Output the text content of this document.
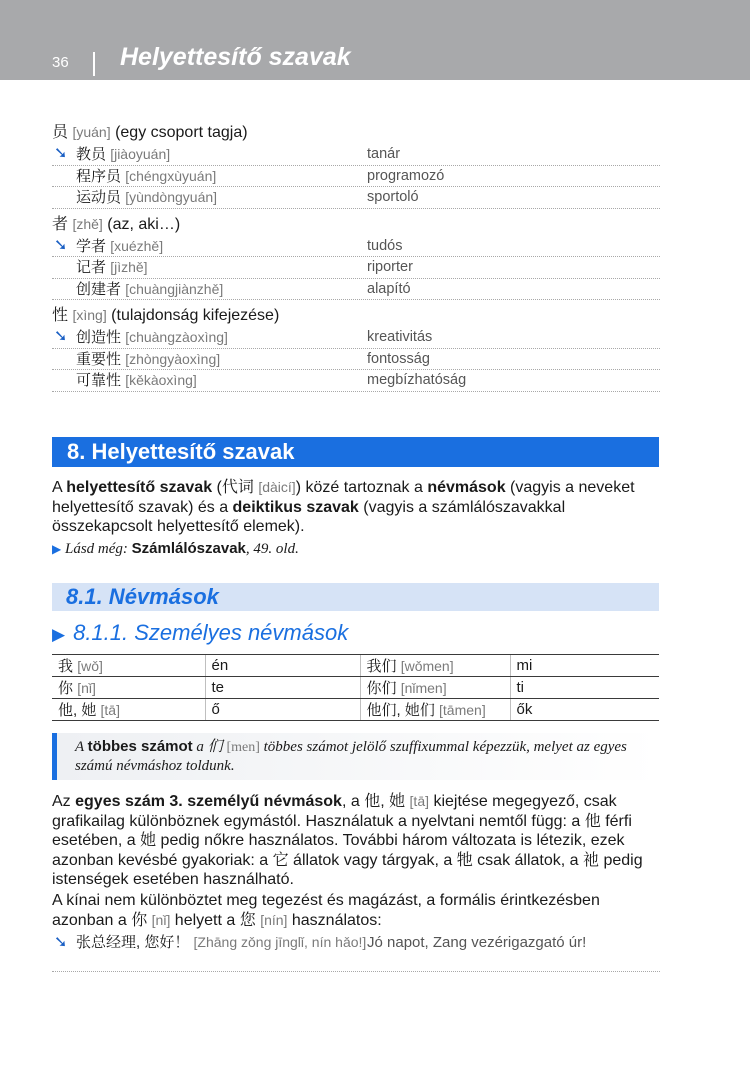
36 Helyettesítő szavak
员 [yuán] (egy csoport tagja)
➘ 教员 [jiàoyuán]	tanár
程序员 [chéngxùyuán]	programozó
运动员 [yùndòngyuán]	sportoló
者 [zhě] (az, aki…)
➘ 学者 [xuézhě]	tudós
记者 [jìzhě]	riporter
创建者 [chuàngjiànzhě]	alapító
性 [xìng] (tulajdonság kifejezése)
➘ 创造性 [chuàngzàoxìng]	kreativitás
重要性 [zhòngyàoxìng]	fontosság
可靠性 [kěkàoxìng]	megbízhatóság
8. Helyettesítő szavak
A helyettesítő szavak (代词 [dàicí]) közé tartoznak a névmások (vagyis a neveket helyettesítő szavak) és a deiktikus szavak (vagyis a számlálószavakkal összekapcsolt helyettesítő elemek).
▶ Lásd még: Számlálószavak, 49. old.
8.1. Névmások
▶ 8.1.1. Személyes névmások
我 [wǒ]	én	我们 [wǒmen]	mi
你 [nǐ]	te	你们 [nǐmen]	ti
他, 她 [tā]	ő	他们, 她们 [tāmen]	ők
A többes számot a 们 [men] többes számot jelölő szuffixummal képezzük, melyet az egyes számú névmáshoz toldunk.
Az egyes szám 3. személyű névmások, a 他, 她 [tā] kiejtése megegyező, csak grafikailag különböznek egymástól. Használatuk a nyelvtani nemtől függ: a 他 férfi esetében, a 她 pedig nőkre használatos. További három változata is létezik, ezek azonban kevésbé gyakoriak: a 它 állatok vagy tárgyak, a 牠 csak állatok, a 祂 pedig istenségek esetében használható.
A kínai nem különböztet meg tegezést és magázást, a formális érintkezésben azonban a 你 [nǐ] helyett a 您 [nín] használatos:
➘ 张总经理, 您好！ [Zhāng zǒng jīnglǐ, nín hǎo!] Jó napot, Zang vezérigazgató úr!
